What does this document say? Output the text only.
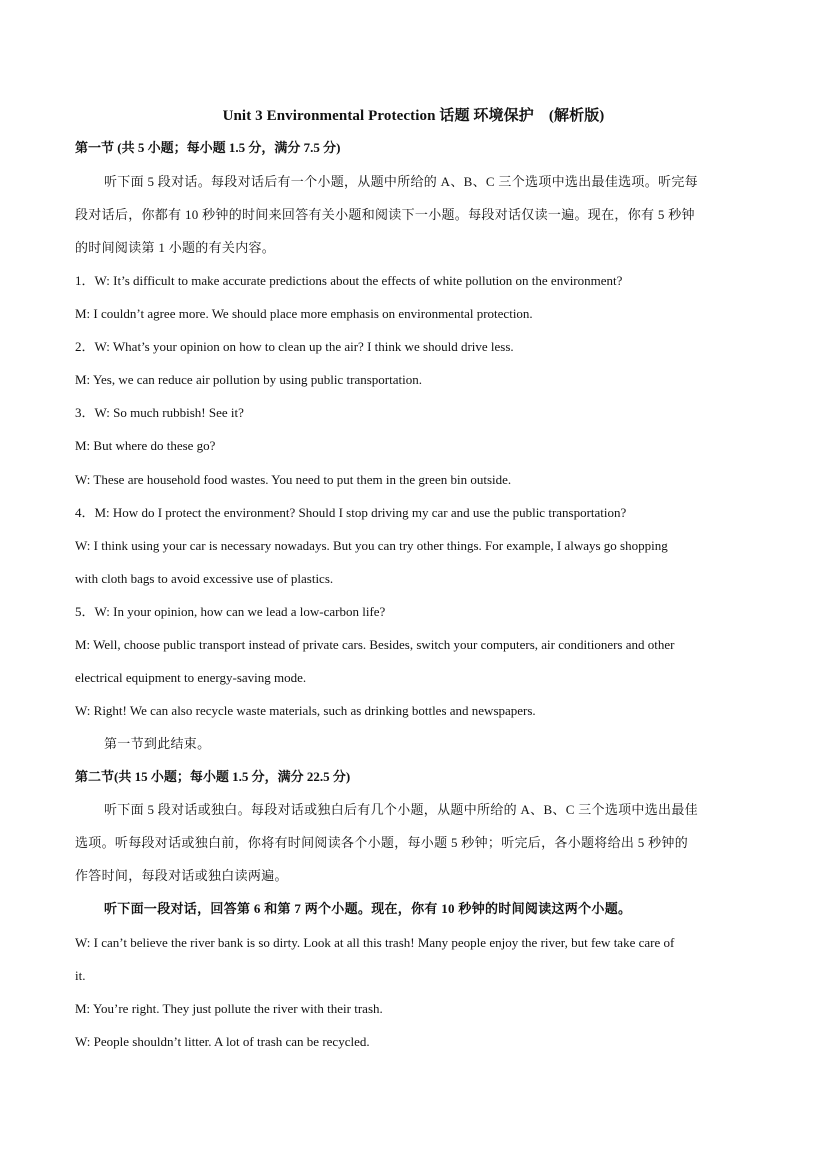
Unit 3 Environmental Protection 话题 环境保护　(解析版)
第一节 (共 5 小题；每小题 1.5 分，满分 7.5 分)
听下面 5 段对话。每段对话后有一个小题，从题中所给的 A、B、C 三个选项中选出最佳选项。听完每
段对话后，你都有 10 秒钟的时间来回答有关小题和阅读下一小题。每段对话仅读一遍。现在，你有 5 秒钟
的时间阅读第 1 小题的有关内容。
1．W: It’s difficult to make accurate predictions about the effects of white pollution on the environment?
M: I couldn’t agree more. We should place more emphasis on environmental protection.
2．W: What’s your opinion on how to clean up the air? I think we should drive less.
M: Yes, we can reduce air pollution by using public transportation.
3．W: So much rubbish! See it?
M: But where do these go?
W: These are household food wastes. You need to put them in the green bin outside.
4．M: How do I protect the environment? Should I stop driving my car and use the public transportation?
W: I think using your car is necessary nowadays. But you can try other things. For example, I always go shopping
with cloth bags to avoid excessive use of plastics.
5．W: In your opinion, how can we lead a low-carbon life?
M: Well, choose public transport instead of private cars. Besides, switch your computers, air conditioners and other
electrical equipment to energy-saving mode.
W: Right! We can also recycle waste materials, such as drinking bottles and newspapers.
第一节到此结束。
第二节(共 15 小题；每小题 1.5 分，满分 22.5 分)
听下面 5 段对话或独白。每段对话或独白后有几个小题，从题中所给的 A、B、C 三个选项中选出最佳
选项。听每段对话或独白前，你将有时间阅读各个小题，每小题 5 秒钟；听完后，各小题将给出 5 秒钟的
作答时间，每段对话或独白读两遍。
听下面一段对话，回答第 6 和第 7 两个小题。现在，你有 10 秒钟的时间阅读这两个小题。
W: I can’t believe the river bank is so dirty. Look at all this trash! Many people enjoy the river, but few take care of
it.
M: You’re right. They just pollute the river with their trash.
W: People shouldn’t litter. A lot of trash can be recycled.
